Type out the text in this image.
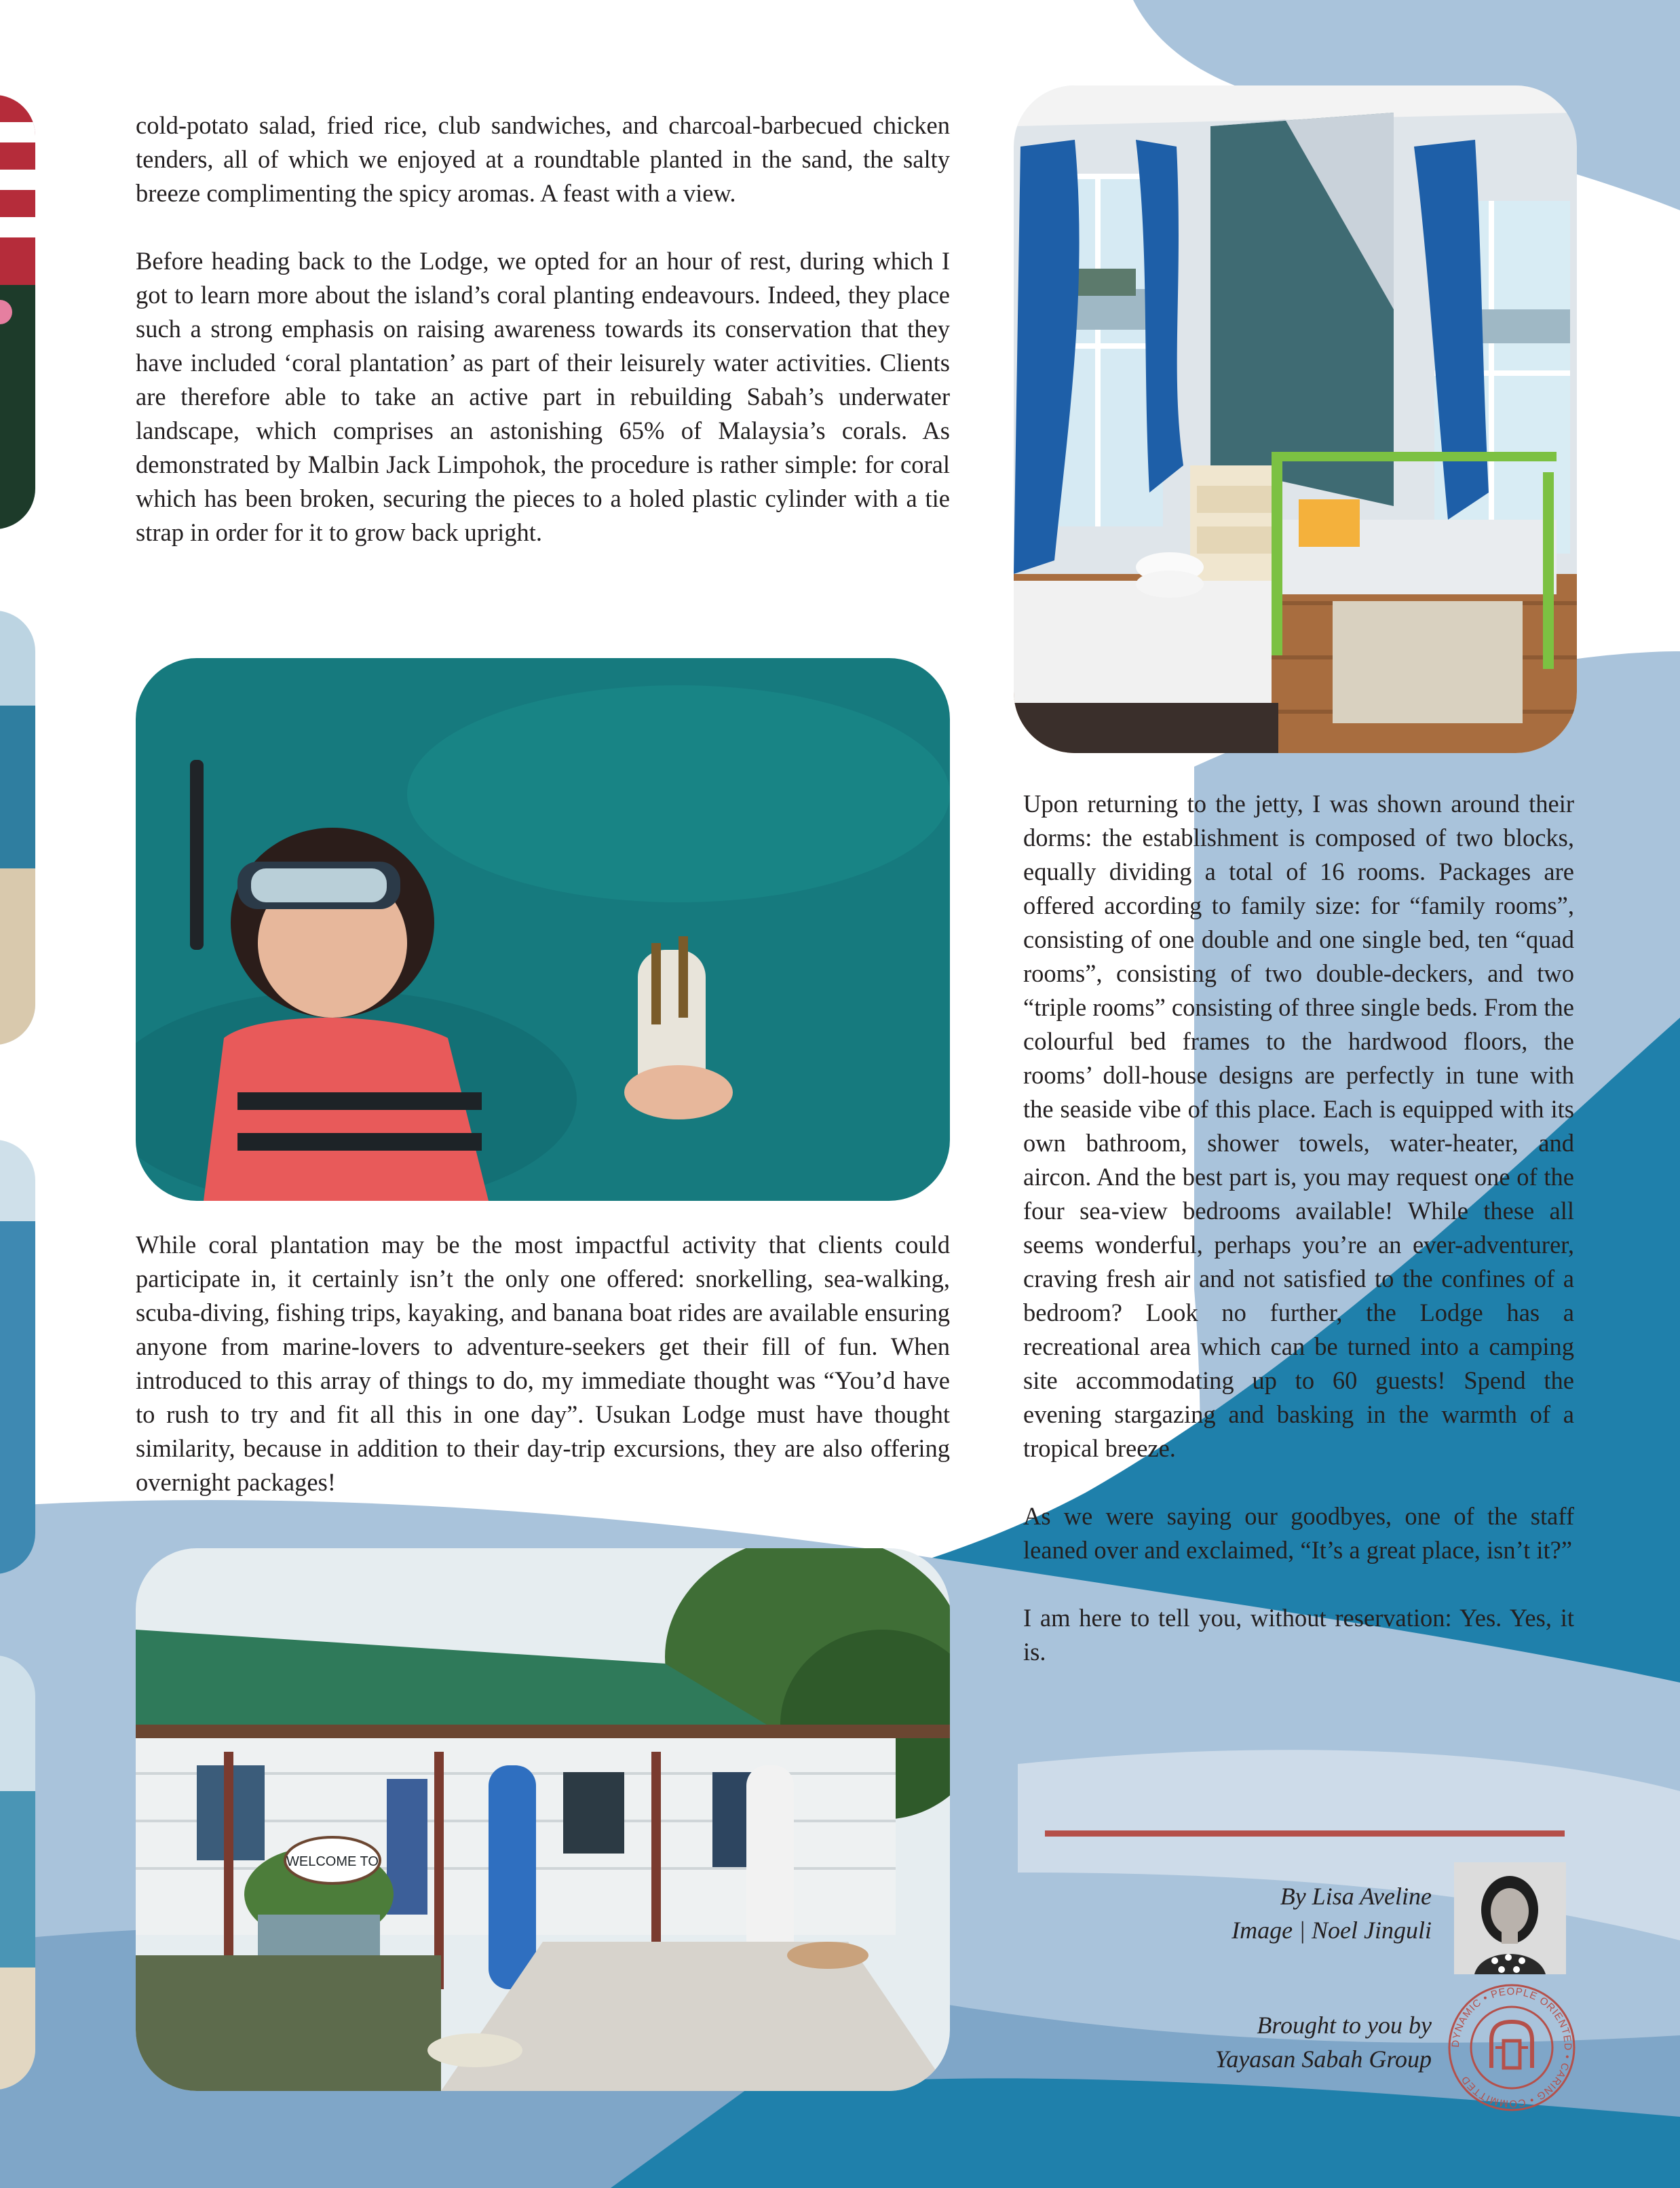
WELCOME TO

cold-potato salad, fried rice, club sandwiches, and charcoal-barbecued chicken tenders, all of which we enjoyed at a roundtable planted in the sand, the salty breeze complimenting the spicy aromas. A feast with a view.

Before heading back to the Lodge, we opted for an hour of rest, during which I got to learn more about the island’s coral planting endeavours. Indeed, they place such a strong emphasis on raising awareness towards its conservation that they have included ‘coral plantation’ as part of their leisurely water activities. Clients are therefore able to take an active part in rebuilding Sabah’s underwater landscape, which comprises an astonishing 65% of Malaysia’s corals. As demonstrated by Malbin Jack Limpohok, the procedure is rather simple: for coral which has been broken, securing the pieces to a holed plastic cylinder with a tie strap in order for it to grow back upright.

While coral plantation may be the most impactful activity that clients could participate in, it certainly isn’t the only one offered: snorkelling, sea-walking, scuba-diving, fishing trips, kayaking, and banana boat rides are available ensuring anyone from marine-lovers to adventure-seekers get their fill of fun. When introduced to this array of things to do, my immediate thought was “You’d have to rush to try and fit all this in one day”. Usukan Lodge must have thought similarity, because in addition to their day-trip excursions, they are also offering overnight packages!

Upon returning to the jetty, I was shown around their dorms: the establishment is composed of two blocks, equally dividing a total of 16 rooms. Packages are offered according to family size: for “family rooms”, consisting of one double and one single bed, ten “quad rooms”, consisting of two double-deckers, and two “triple rooms” consisting of three single beds. From the colourful bed frames to the hardwood floors, the rooms’ doll-house designs are perfectly in tune with the seaside vibe of this place. Each is equipped with its own bathroom, shower towels, water-heater, and aircon. And the best part is, you may request one of the four sea-view bedrooms available! While these all seems wonderful, perhaps you’re an ever-adventurer, craving fresh air and not satisfied to the confines of a bedroom? Look no further, the Lodge has a recreational area which can be turned into a camping site accommodating up to 60 guests! Spend the evening stargazing and basking in the warmth of a tropical breeze.

As we were saying our goodbyes, one of the staff leaned over and exclaimed, “It’s a great place, isn’t it?”

I am here to tell you, without reservation: Yes. Yes, it is.

By Lisa Aveline
Image | Noel Jinguli
Brought to you by
Yayasan Sabah Group
DYNAMIC • PEOPLE ORIENTED • CARING • COMMITTED
